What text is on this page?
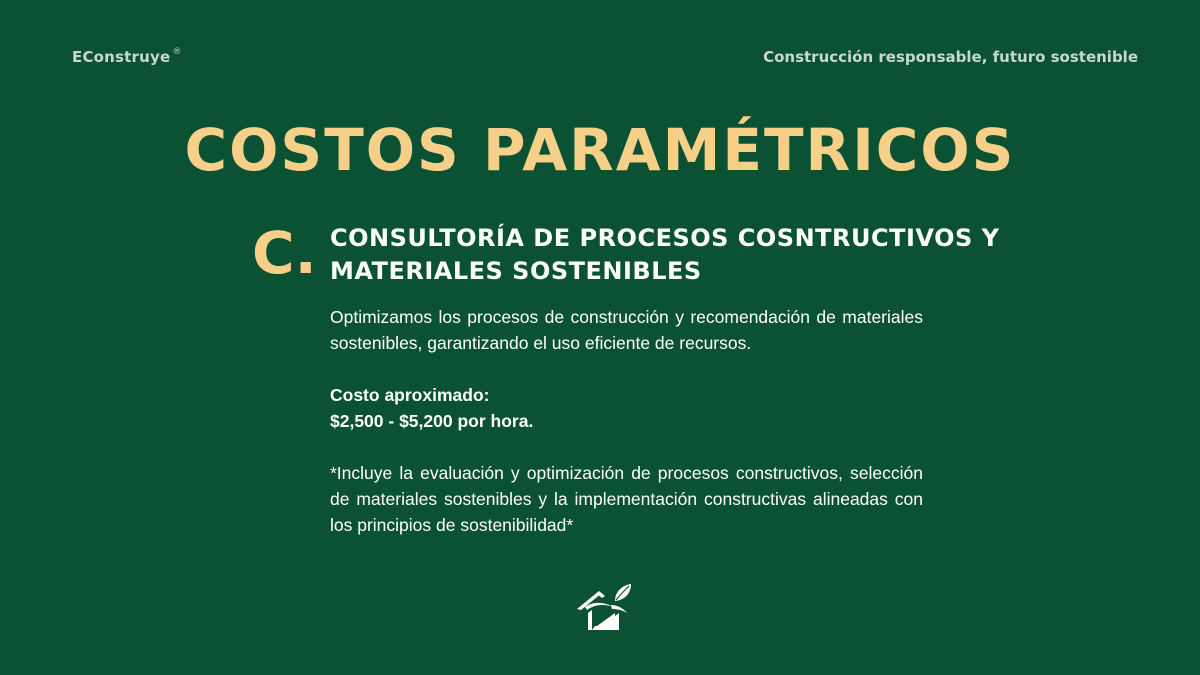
EConstruye ®	Construcción responsable, futuro sostenible
COSTOS PARAMÉTRICOS
C. CONSULTORÍA DE PROCESOS COSNTRUCTIVOS Y
MATERIALES SOSTENIBLES

Optimizamos los procesos de construcción y recomendación de materiales sostenibles, garantizando el uso eficiente de recursos.

Costo aproximado:

$2,500 - $5,200 por hora.

*Incluye la evaluación y optimización de procesos constructivos, selección de materiales sostenibles y la implementación constructivas alineadas con los principios de sostenibilidad*
